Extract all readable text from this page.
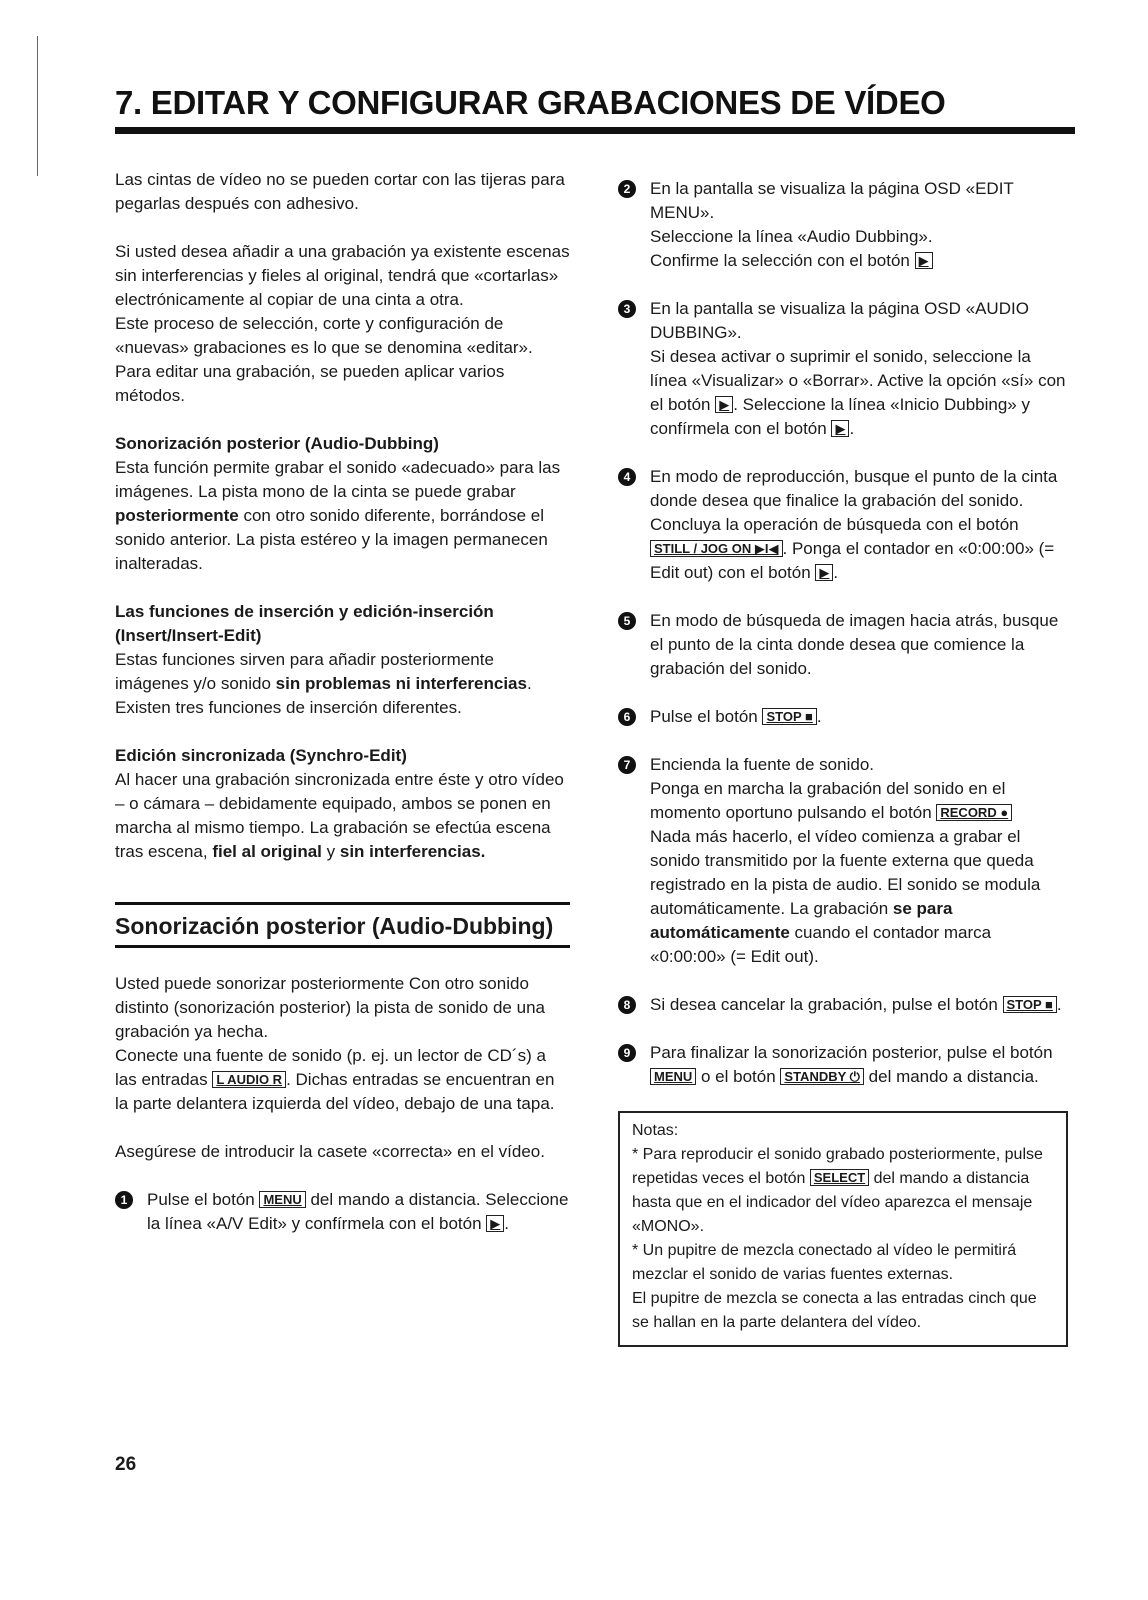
7. EDITAR Y CONFIGURAR GRABACIONES DE VÍDEO

Las cintas de vídeo no se pueden cortar con las tijeras para pegarlas después con adhesivo.

Si usted desea añadir a una grabación ya existente escenas sin interferencias y fieles al original, tendrá que «cortarlas» electrónicamente al copiar de una cinta a otra.

Este proceso de selección, corte y configuración de «nuevas» grabaciones es lo que se denomina «editar».

Para editar una grabación, se pueden aplicar varios métodos.

Sonorización posterior (Audio-Dubbing)

Esta función permite grabar el sonido «adecuado» para las imágenes. La pista mono de la cinta se puede grabar posteriormente con otro sonido diferente, borrándose el sonido anterior. La pista estéreo y la imagen permanecen inalteradas.

Las funciones de inserción y edición-inserción (Insert/Insert-Edit)

Estas funciones sirven para añadir posteriormente imágenes y/o sonido sin problemas ni interferencias.

Existen tres funciones de inserción diferentes.

Edición sincronizada (Synchro-Edit)

Al hacer una grabación sincronizada entre éste y otro vídeo – o cámara – debidamente equipado, ambos se ponen en marcha al mismo tiempo. La grabación se efectúa escena tras escena, fiel al original y sin interferencias.

Sonorización posterior (Audio-Dubbing)

Usted puede sonorizar posteriormente Con otro sonido distinto (sonorización posterior) la pista de sonido de una grabación ya hecha.

Conecte una fuente de sonido (p. ej. un lector de CD´s) a las entradas L AUDIO R . Dichas entradas se encuentran en la parte delantera izquierda del vídeo, debajo de una tapa.

Asegúrese de introducir la casete «correcta» en el vídeo.

1	Pulse el botón MENU del mando a distancia. Seleccione la línea «A/V Edit» y confírmela con el botón ▶ .
2	En la pantalla se visualiza la página OSD «EDIT MENU».

Seleccione la línea «Audio Dubbing».

Confirme la selección con el botón ▶

3	En la pantalla se visualiza la página OSD «AUDIO DUBBING».

Si desea activar o suprimir el sonido, seleccione la línea «Visualizar» o «Borrar». Active la opción «sí» con el botón ▶ . Seleccione la línea «Inicio Dubbing» y confírmela con el botón ▶ .

4	En modo de reproducción, busque el punto de la cinta donde desea que finalice la grabación del sonido.

Concluya la operación de búsqueda con el botón STILL / JOG ON ▶I◀ . Ponga el contador en «0:00:00» (= Edit out) con el botón ▶ .

5	En modo de búsqueda de imagen hacia atrás, busque el punto de la cinta donde desea que comience la grabación del sonido.

6	Pulse el botón STOP ■ .

7	Encienda la fuente de sonido.

Ponga en marcha la grabación del sonido en el momento oportuno pulsando el botón RECORD ●

Nada más hacerlo, el vídeo comienza a grabar el sonido transmitido por la fuente externa que queda registrado en la pista de audio. El sonido se modula automáticamente. La grabación se para automáticamente cuando el contador marca «0:00:00» (= Edit out).

8	Si desea cancelar la grabación, pulse el botón STOP ■ .

9	Para finalizar la sonorización posterior, pulse el botón MENU o el botón STANDBY ⏻ del mando a distancia.

Notas:

* Para reproducir el sonido grabado posteriormente, pulse repetidas veces el botón SELECT del mando a distancia hasta que en el indicador del vídeo aparezca el mensaje «MONO».

* Un pupitre de mezcla conectado al vídeo le permitirá mezclar el sonido de varias fuentes externas.

El pupitre de mezcla se conecta a las entradas cinch que se hallan en la parte delantera del vídeo.

26
